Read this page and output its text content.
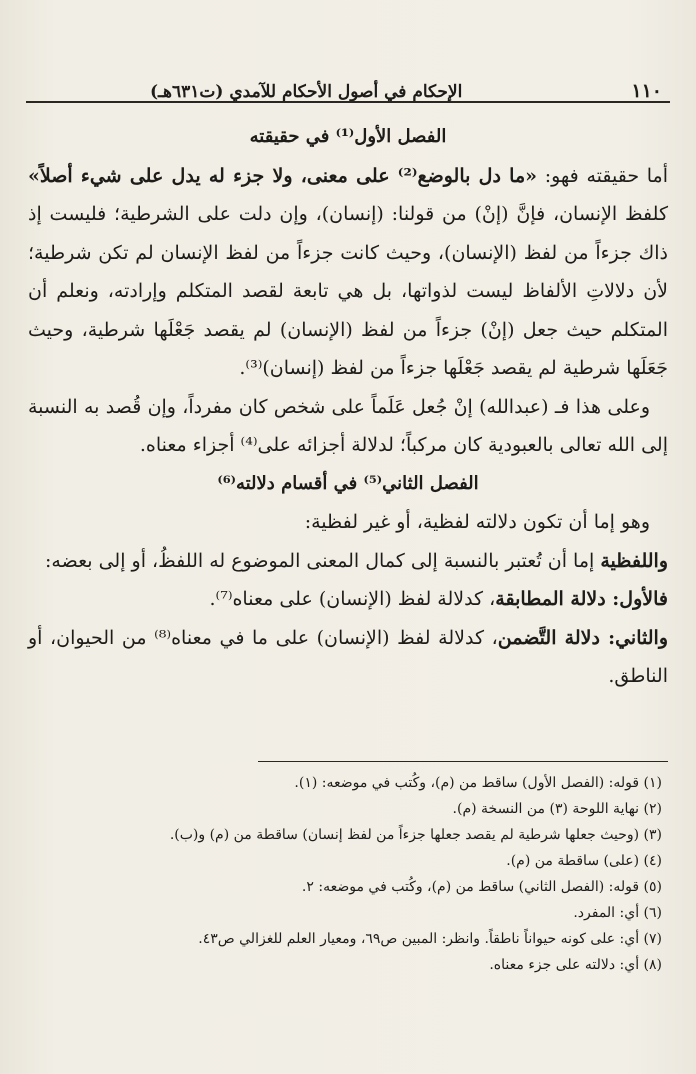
١١٠
الإحكام في أصول الأحكام للآمدي (ت٦٣١هـ)

الفصل الأول⁽¹⁾ في حقيقته

أما حقيقته فهو: «ما دل بالوضع⁽²⁾ على معنى، ولا جزء له يدل على شيء أصلاً» كلفظ الإنسان، فإنَّ (إنْ) من قولنا: (إنسان)، وإن دلت على الشرطية؛ فليست إذ ذاك جزءاً من لفظ (الإنسان)، وحيث كانت جزءاً من لفظ الإنسان لم تكن شرطية؛ لأن دلالاتِ الألفاظ ليست لذواتها، بل هي تابعة لقصد المتكلم وإرادته، ونعلم أن المتكلم حيث جعل (إنْ) جزءاً من لفظ (الإنسان) لم يقصد جَعْلَها شرطية، وحيث جَعَلَها شرطية لم يقصد جَعْلَها جزءاً من لفظ (إنسان)⁽³⁾.

وعلى هذا فـ (عبدالله) إنْ جُعل عَلَماً على شخص كان مفرداً، وإن قُصد به النسبة إلى الله تعالى بالعبودية كان مركباً؛ لدلالة أجزائه على⁽⁴⁾ أجزاء معناه.

الفصل الثاني⁽⁵⁾ في أقسام دلالته⁽⁶⁾

وهو إما أن تكون دلالته لفظية، أو غير لفظية:

واللفظية إما أن تُعتبر بالنسبة إلى كمال المعنى الموضوع له اللفظُ، أو إلى بعضه:

فالأول: دلالة المطابقة، كدلالة لفظ (الإنسان) على معناه⁽⁷⁾.

والثاني: دلالة التَّضمن، كدلالة لفظ (الإنسان) على ما في معناه⁽⁸⁾ من الحيوان، أو الناطق.

(١) قوله: (الفصل الأول) ساقط من (م)، وكُتب في موضعه: (١).
(٢) نهاية اللوحة (٣) من النسخة (م).
(٣) (وحيث جعلها شرطية لم يقصد جعلها جزءاً من لفظ إنسان) ساقطة من (م) و(ب).
(٤) (على) ساقطة من (م).
(٥) قوله: (الفصل الثاني) ساقط من (م)، وكُتب في موضعه: ٢.
(٦) أي: المفرد.
(٧) أي: على كونه حيواناً ناطقاً. وانظر: المبين ص٦٩، ومعيار العلم للغزالي ص٤٣.
(٨) أي: دلالته على جزء معناه.
